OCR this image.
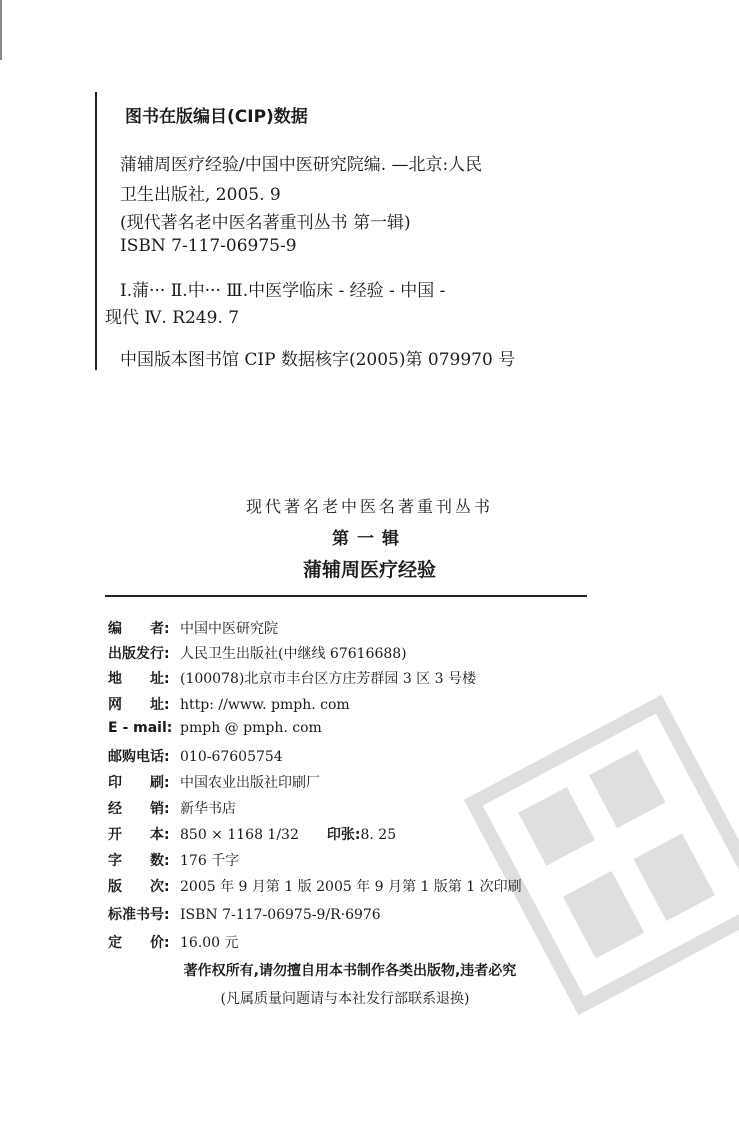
图书在版编目(CIP)数据
蒲辅周医疗经验/中国中医研究院编. —北京:人民
卫生出版社, 2005. 9
(现代著名老中医名著重刊丛书 第一辑)
ISBN 7-117-06975-9
Ⅰ.蒲··· Ⅱ.中··· Ⅲ.中医学临床 - 经验 - 中国 -
现代 Ⅳ. R249. 7
中国版本图书馆 CIP 数据核字(2005)第 079970 号
现代著名老中医名著重刊丛书
第一辑
蒲辅周医疗经验
编　　者: 中国中医研究院
出版发行: 人民卫生出版社(中继线 67616688)
地　　址: (100078)北京市丰台区方庄芳群园 3 区 3 号楼
网　　址: http: //www. pmph. com
E - mail: pmph @ pmph. com
邮购电话: 010-67605754
印　　刷: 中国农业出版社印刷厂
经　　销: 新华书店
开　　本: 850 × 1168 1/32 印张:8. 25
字　　数: 176 千字
版　　次: 2005 年 9 月第 1 版 2005 年 9 月第 1 版第 1 次印刷
标准书号: ISBN 7-117-06975-9/R·6976
定　　价: 16.00 元
著作权所有,请勿擅自用本书制作各类出版物,违者必究
(凡属质量问题请与本社发行部联系退换)
